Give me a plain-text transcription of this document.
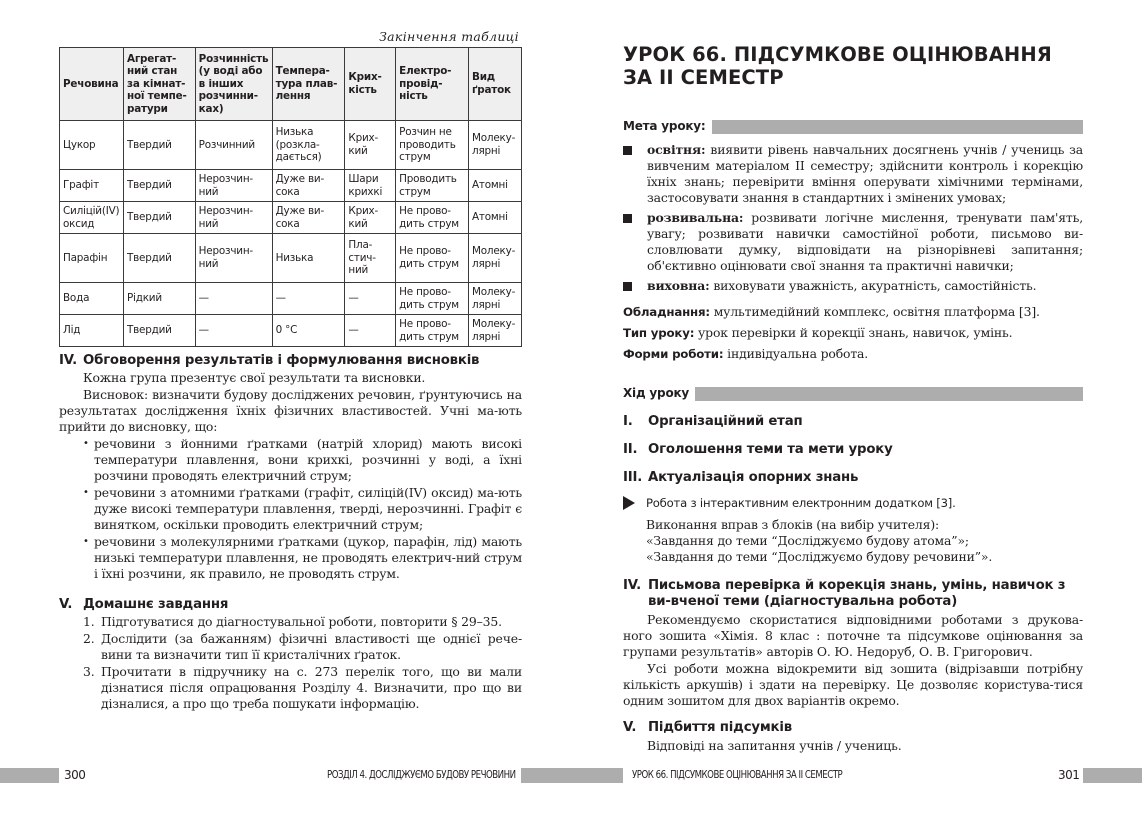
Закінчення таблиці
Речовина	Агрегат-ний стан за кімнат-ної темпе-ратури	Розчинність (у воді або в інших розчинни-ках)	Темпера-тура плав-лення	Крих-кість	Електро-провід-ність	Вид ґраток
Цукор	Твердий	Розчинний	Низька (розкла-дається)	Крих-кий	Розчин не проводить струм	Молеку-лярні
Графіт	Твердий	Нерозчин-ний	Дуже ви-сока	Шари крихкі	Проводить струм	Атомні
Силіцій(IV) оксид	Твердий	Нерозчин-ний	Дуже ви-сока	Крих-кий	Не прово-дить струм	Атомні
Парафін	Твердий	Нерозчин-ний	Низька	Пла-стич-ний	Не прово-дить струм	Молеку-лярні
Вода	Рідкий	—	—	—	Не прово-дить струм	Молеку-лярні
Лід	Твердий	—	0 °C	—	Не прово-дить струм	Молеку-лярні
IV. Обговорення результатів і формулювання висновків

Кожна група презентує свої результати та висновки.

Висновок: визначити будову досліджених речовин, ґрунтуючись на результатах дослідження їхніх фізичних властивостей. Учні ма-ють прийти до висновку, що:

• речовини з йонними ґратками (натрій хлорид) мають високі температури плавлення, вони крихкі, розчинні у воді, а їхні розчини проводять електричний струм;
• речовини з атомними ґратками (графіт, силіцій(IV) оксид) ма-ють дуже високі температури плавлення, тверді, нерозчинні. Графіт є винятком, оскільки проводить електричний струм;
• речовини з молекулярними ґратками (цукор, парафін, лід) мають низькі температури плавлення, не проводять електрич-ний струм і їхні розчини, як правило, не проводять струм.
V. Домашнє завдання
1. Підготуватися до діагностувальної роботи, повторити § 29–35.
2. Дослідити (за бажанням) фізичні властивості ще однієї рече-вини та визначити тип її кристалічних ґраток.
3. Прочитати в підручнику на с. 273 перелік того, що ви мали дізнатися після опрацювання Розділу 4. Визначити, про що ви дізналися, а про що треба пошукати інформацію.
300	РОЗДІЛ 4. ДОСЛІДЖУЄМО БУДОВУ РЕЧОВИНИ
УРОК 66. ПІДСУМКОВЕ ОЦІНЮВАННЯ
ЗА ІІ СЕМЕСТР
Мета уроку:
освітня: виявити рівень навчальних досягнень учнів / учениць за вивченим матеріалом ІІ семестру; здійснити контроль і корекцію їхніх знань; перевірити вміння оперувати хімічними термінами, застосовувати знання в стандартних і змінених умовах;
розвивальна: розвивати логічне мислення, тренувати пам'ять, увагу; розвивати навички самостійної роботи, письмово ви-словлювати думку, відповідати на різнорівневі запитання; об'єктивно оцінювати свої знання та практичні навички;
виховна: виховувати уважність, акуратність, самостійність.
Обладнання: мультимедійний комплекс, освітня платформа [3].
Тип уроку: урок перевірки й корекції знань, навичок, умінь.
Форми роботи: індивідуальна робота.
Хід уроку
I. Організаційний етап
II. Оголошення теми та мети уроку
III. Актуалізація опорних знань
Робота з інтерактивним електронним додатком [3].
Виконання вправ з блоків (на вибір учителя):
«Завдання до теми “Досліджуємо будову атома”»;
«Завдання до теми “Досліджуємо будову речовини”».
IV. Письмова перевірка й корекція знань, умінь, навичок з ви-вченої теми (діагностувальна робота)

Рекомендуємо скористатися відповідними роботами з друкова-ного зошита «Хімія. 8 клас : поточне та підсумкове оцінювання за групами результатів» авторів О. Ю. Недоруб, О. В. Григорович.

Усі роботи можна відокремити від зошита (відрізавши потрібну кількість аркушів) і здати на перевірку. Це дозволяє користува-тися одним зошитом для двох варіантів окремо.

V. Підбиття підсумків

Відповіді на запитання учнів / учениць.

УРОК 66. ПІДСУМКОВЕ ОЦІНЮВАННЯ ЗА ІІ СЕМЕСТР	301
